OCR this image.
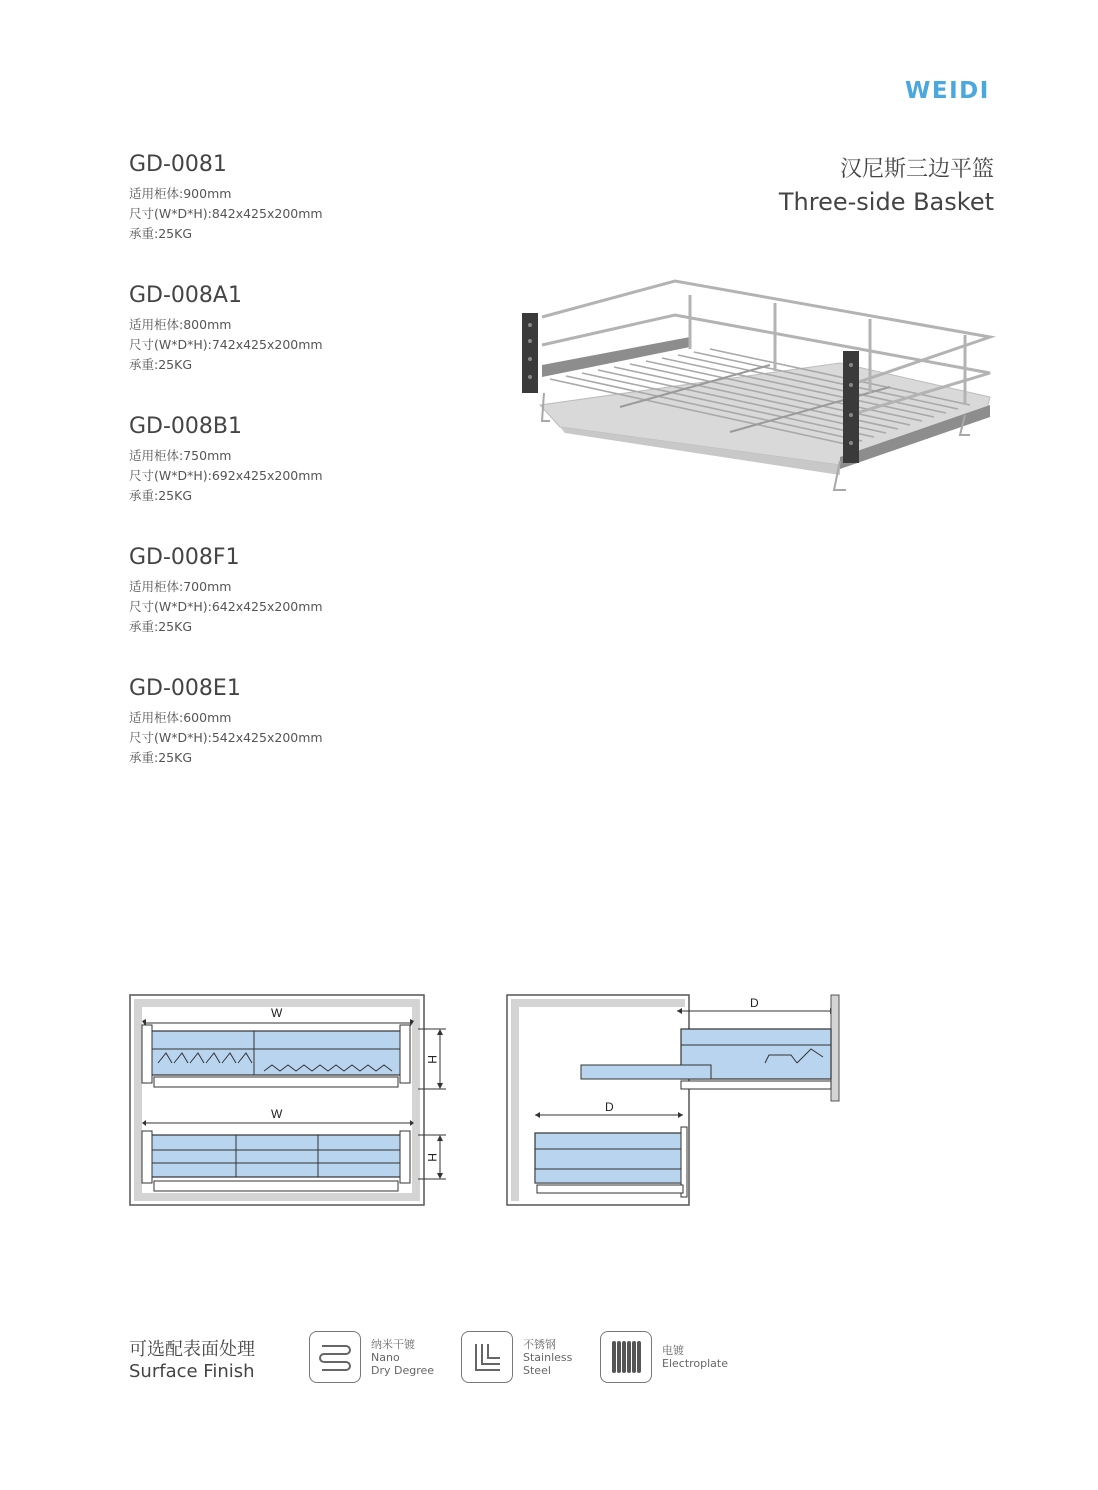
WEIDI
汉尼斯三边平篮
Three-side Basket
GD-0081
适用柜体:900mm
尺寸(W*D*H):842x425x200mm
承重:25KG
GD-008A1
适用柜体:800mm
尺寸(W*D*H):742x425x200mm
承重:25KG
GD-008B1
适用柜体:750mm
尺寸(W*D*H):692x425x200mm
承重:25KG
GD-008F1
适用柜体:700mm
尺寸(W*D*H):642x425x200mm
承重:25KG
GD-008E1
适用柜体:600mm
尺寸(W*D*H):542x425x200mm
承重:25KG
W
H
W
H
D
D
可选配表面处理
Surface Finish
纳米干镀
Nano
Dry Degree
不锈钢
Stainless
Steel
电镀
Electroplate
